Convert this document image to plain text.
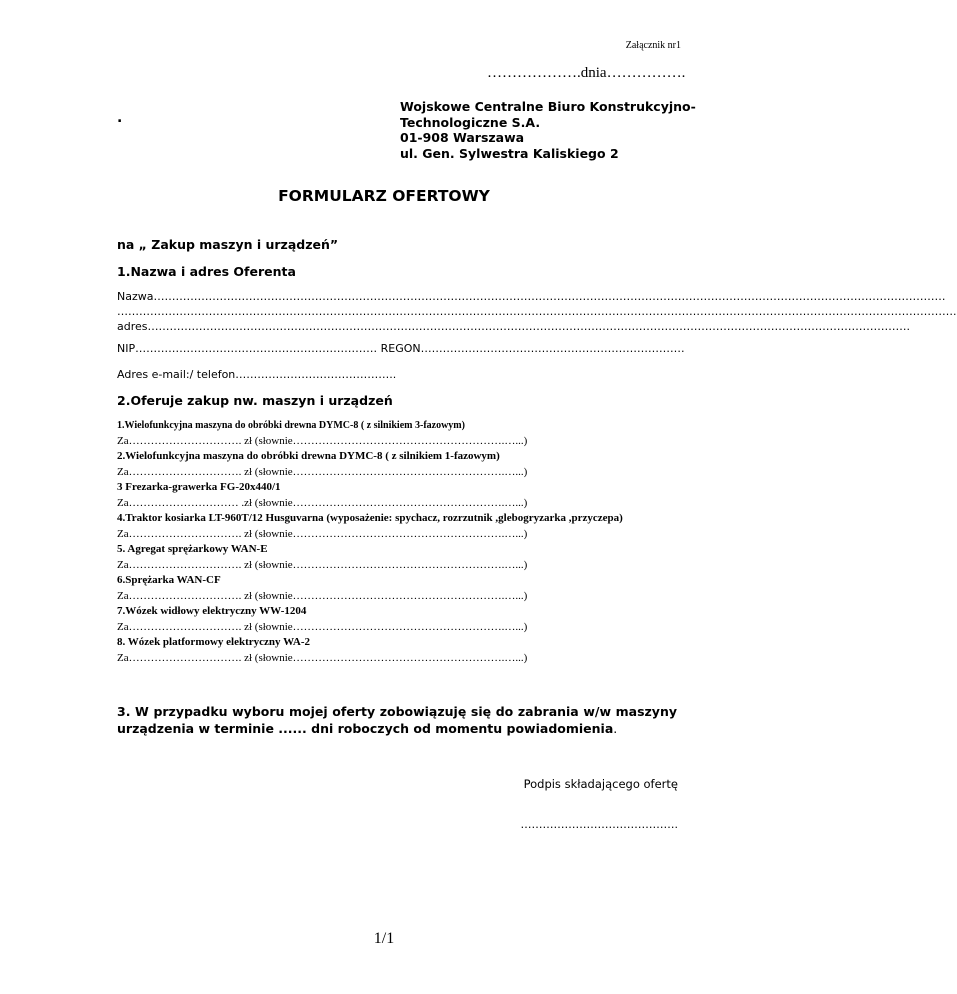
Załącznik nr1
……………….dnia…………….
.
Wojskowe Centralne Biuro Konstrukcyjno-
Technologiczne S.A.
01-908 Warszawa
ul. Gen. Sylwestra Kaliskiego 2
FORMULARZ OFERTOWY
na „ Zakup maszyn i urządzeń”
1.Nazwa i adres Oferenta
Nazwa………………………………………………………………………………………………………………………………………………………………………………………………
………………………………………………………………………………………………………………………………………………………………………………………………………….
adres……………………………………………………………………………………………………………………………………………………………………………………….
NIP………………………………………………………… REGON………………………………………………………………
Adres e-mail:/ telefon……………………………………..
2.Oferuje zakup nw. maszyn i urządzeń
1.Wielofunkcyjna maszyna do obróbki drewna DYMC-8 ( z silnikiem 3-fazowym)
Za…………………………. zł (słownie………………………………………………….…...)
2.Wielofunkcyjna maszyna do obróbki drewna DYMC-8 ( z silnikiem 1-fazowym)
Za…………………………. zł (słownie………………………………………………….…...)
3 Frezarka-grawerka FG-20x440/1
Za………………………… .zł (słownie………………………………………………….…...)
4.Traktor kosiarka LT-960T/12 Husguvarna (wyposażenie: spychacz, rozrzutnik ,glebogryzarka ,przyczepa)
Za…………………………. zł (słownie………………………………………………….…...)
5. Agregat sprężarkowy WAN-E
Za…………………………. zł (słownie………………………………………………….…...)
6.Sprężarka WAN-CF
Za…………………………. zł (słownie………………………………………………….…...)
7.Wózek widłowy elektryczny WW-1204
Za…………………………. zł (słownie………………………………………………….…...)
8. Wózek platformowy elektryczny WA-2
Za…………………………. zł (słownie………………………………………………….…...)
3. W przypadku wyboru mojej oferty zobowiązuję się do zabrania w/w maszyny urządzenia w terminie ...... dni roboczych od momentu powiadomienia.
Podpis składającego ofertę
…………………………………….
1/1
